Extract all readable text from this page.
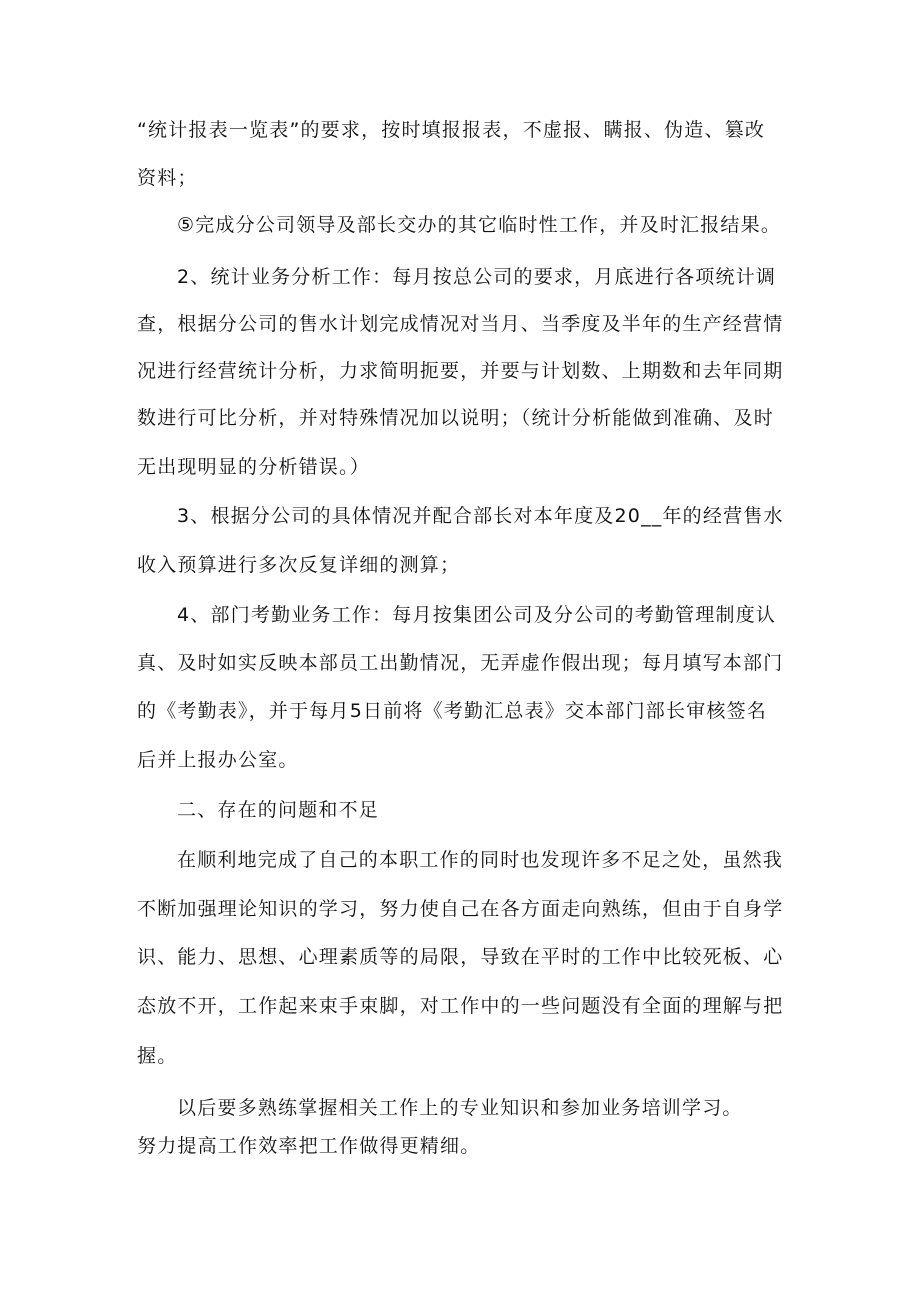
“统计报表一览表”的要求，按时填报报表，不虚报、瞒报、伪造、篡改
资料；
⑤完成分公司领导及部长交办的其它临时性工作，并及时汇报结果。
2、统计业务分析工作：每月按总公司的要求，月底进行各项统计调
查，根据分公司的售水计划完成情况对当月、当季度及半年的生产经营情
况进行经营统计分析，力求简明扼要，并要与计划数、上期数和去年同期
数进行可比分析，并对特殊情况加以说明；（统计分析能做到准确、及时
无出现明显的分析错误。）
3、根据分公司的具体情况并配合部长对本年度及20__年的经营售水
收入预算进行多次反复详细的测算；
4、部门考勤业务工作：每月按集团公司及分公司的考勤管理制度认
真、及时如实反映本部员工出勤情况，无弄虚作假出现；每月填写本部门
的《考勤表》，并于每月5日前将《考勤汇总表》交本部门部长审核签名
后并上报办公室。
二、存在的问题和不足
在顺利地完成了自己的本职工作的同时也发现许多不足之处，虽然我
不断加强理论知识的学习，努力使自己在各方面走向熟练，但由于自身学
识、能力、思想、心理素质等的局限，导致在平时的工作中比较死板、心
态放不开，工作起来束手束脚，对工作中的一些问题没有全面的理解与把
握。
以后要多熟练掌握相关工作上的专业知识和参加业务培训学习。
努力提高工作效率把工作做得更精细。
